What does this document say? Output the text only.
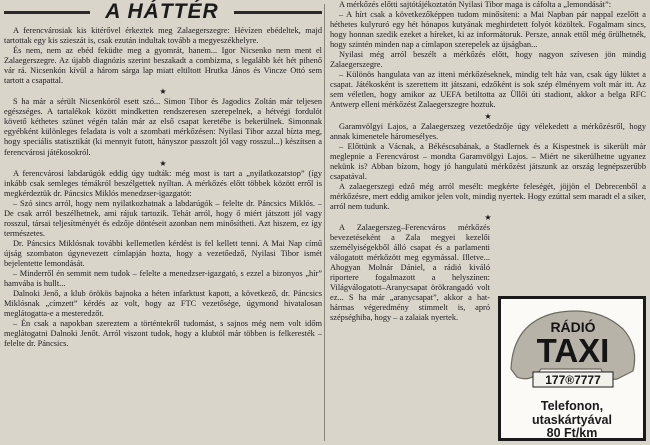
A HÁTTÉR

A ferencvárosiak kis kitérővel érkeztek meg Zalaegerszegre: Hévízen ebédeltek, majd tartottak egy kis szieszát is, csak ezután indultak tovább a megyeszékhelyre.

És nem, nem az ebéd feküdte meg a gyomrát, hanem... Igor Nicsenko nem ment el Zalaegerszegre. Az újabb diagnózis szerint beszakadt a combizma, s legalább két hét pihenő vár rá. Nicsenkón kívül a három sárga lap miatt eltiltott Hrutka János és Vincze Ottó sem tartott a csapattal.

★

S ha már a sérült Nicsenkóról esett szó... Simon Tibor és Jagodics Zoltán már teljesen egészséges. A tartalékok között mindketten rendszeresen szerepelnek, a hétvégi fordulót követő kéthetes szünet végén talán már az első csapat keretébe is bekerülnek. Simonnak egyébként különleges feladata is volt a szombati mérkőzésen: Nyilasi Tibor azzal bízta meg, hogy speciális statisztikát (ki mennyit futott, hányszor passzolt jól vagy rosszul...) készítsen a ferencvárosi játékosokról.

★

A ferencvárosi labdarúgók eddig úgy tudták: még most is tart a „nyilatkozatstop” (így inkább csak semleges témákról beszélgettek nyíltan. A mérkőzés előtt többek között erről is megkérdeztük dr. Páncsics Miklós menedzser-igazgatót:

– Szó sincs arról, hogy nem nyilatkozhatnak a labdarúgók – felelte dr. Páncsics Miklós. – De csak arról beszélhetnek, ami rájuk tartozik. Tehát arról, hogy ő miért játszott jól vagy rosszul, társai teljesítményét és edzője döntéseit azonban nem minősítheti. Azt hiszem, ez így természetes.

Dr. Páncsics Miklósnak további kellemetlen kérdést is fel kellett tenni. A Mai Nap című újság szombaton úgynevezett címlapján hozta, hogy a vezetőedző, Nyilasi Tibor ismét bejelentette lemondását.

– Minderről én semmit nem tudok – felelte a menedzser-igazgató, s ezzel a bizonyos „hír” hamvába is hullt...

Dalnoki Jenő, a klub örökös bajnoka a héten infarktust kapott, a következő, dr. Páncsics Miklósnak „címzett” kérdés az volt, hogy az FTC vezetősége, úgymond hivatalosan meglátogatta-e a mesteredzőt.

– Én csak a napokban szereztem a történtekről tudomást, s sajnos még nem volt időm meglátogatni Dalnoki Jenőt. Arról viszont tudok, hogy a klubtól már többen is felkeresték – felelte dr. Páncsics.

A mérkőzés előtti sajtótájékoztatón Nyilasi Tibor maga is cáfolta a „lemondását”:

– A hírt csak a következőképpen tudom minősíteni: a Mai Napban pár nappal ezelőtt a héthetes kulyruró egy hét hónapos kutyának meghirdetett folyót közöltek. Fogalmam sincs, hogy honnan szedik ezeket a híreket, ki az informátoruk. Persze, annak ettől még őrülhetnék, hogy szintén minden nap a címlapon szerepelek az újságban...

Nyilasi még arról beszélt a mérkőzés előtt, hogy nagyon szívesen jön mindig Zalaegerszegre.

– Különös hangulata van az itteni mérkőzéseknek, mindig telt ház van, csak úgy lüktet a csapat. Játékosként is szerettem itt játszani, edzőként is sok szép élményem volt már itt. Az sem véletlen, hogy amikor az UEFA betiltotta az Üllői úti stadiont, akkor a belga RFC Antwerp elleni mérkőzést Zalaegerszegre hoztuk.

★

Garamvölgyi Lajos, a Zalaegerszeg vezetőedzője úgy vélekedett a mérkőzésről, hogy annak kimenetele háromesélyes.

– Előttünk a Vácnak, a Békéscsabának, a Stadlernek és a Kispestnek is sikerült már meglepnie a Ferencvárost – mondta Garamvölgyi Lajos. – Miért ne sikerülhetne ugyanez nekünk is? Abban bízom, hogy jó hangulatú mérkőzést játszunk az ország legnépszerűbb csapatával.

A zalaegerszegi edző még arról mesélt: megkérte feleségét, jöjjön el Debrecenből a mérkőzésre, mert eddig amikor jelen volt, mindig nyertek. Hogy ezúttal sem maradt el a siker, arról nem tudunk.

★

A Zalaegerszeg–Ferencváros mérkőzés bevezetéseként a Zala megyei kezelői személyiségekből álló csapat és a parlamenti válogatott mérkőzött meg egymással. Illetve... Ahogyan Molnár Dániel, a rádió kiváló riportere fogalmazott a helyszínen: Világválogatott–Aranycsapat örökrangadó volt ez... S ha már „aranycsapat”, akkor a hat-hármas végeredmény stimmelt is, apró szépséghiba, hogy – a zalaiak nyertek.

RÁDIÓ
TAXI
177®7777
Telefonon,
utaskártyával
80 Ft/km
